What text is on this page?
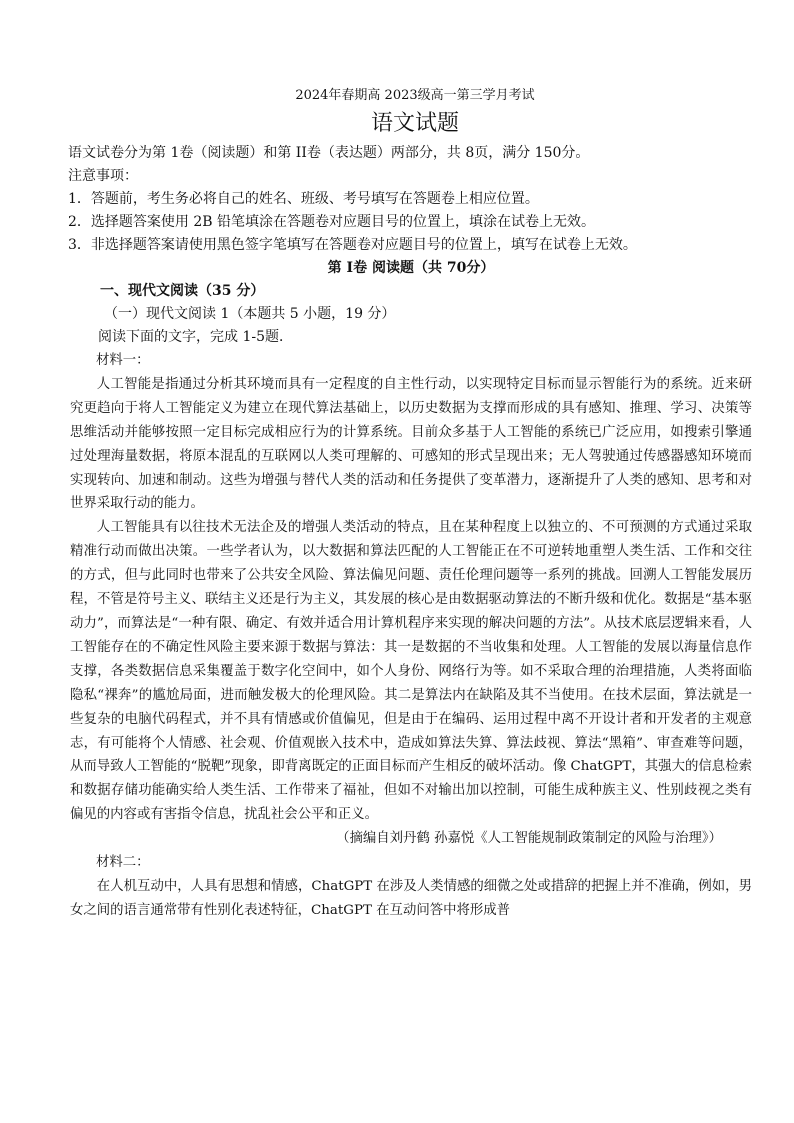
2024年春期高 2023级高一第三学月考试
语文试题
语文试卷分为第 1卷（阅读题）和第 II卷（表达题）两部分，共 8页，满分 150分。
注意事项：
1．答题前，考生务必将自己的姓名、班级、考号填写在答题卷上相应位置。
2．选择题答案使用 2B 铅笔填涂在答题卷对应题目号的位置上，填涂在试卷上无效。
3．非选择题答案请使用黑色签字笔填写在答题卷对应题目号的位置上，填写在试卷上无效。
第 I卷 阅读题（共 70分）
一、现代文阅读（35 分）
（一）现代文阅读 1（本题共 5 小题，19 分）
阅读下面的文字，完成 1-5题．
材料一：

人工智能是指通过分析其环境而具有一定程度的自主性行动，以实现特定目标而显示智能行为的系统。近来研究更趋向于将人工智能定义为建立在现代算法基础上，以历史数据为支撑而形成的具有感知、推理、学习、决策等思维活动并能够按照一定目标完成相应行为的计算系统。目前众多基于人工智能的系统已广泛应用，如搜索引擎通过处理海量数据，将原本混乱的互联网以人类可理解的、可感知的形式呈现出来；无人驾驶通过传感器感知环境而实现转向、加速和制动。这些为增强与替代人类的活动和任务提供了变革潜力，逐渐提升了人类的感知、思考和对世界采取行动的能力。

人工智能具有以往技术无法企及的增强人类活动的特点，且在某种程度上以独立的、不可预测的方式通过采取精准行动而做出决策。一些学者认为，以大数据和算法匹配的人工智能正在不可逆转地重塑人类生活、工作和交往的方式，但与此同时也带来了公共安全风险、算法偏见问题、责任伦理问题等一系列的挑战。回溯人工智能发展历程，不管是符号主义、联结主义还是行为主义，其发展的核心是由数据驱动算法的不断升级和优化。数据是“基本驱动力”，而算法是“一种有限、确定、有效并适合用计算机程序来实现的解决问题的方法”。从技术底层逻辑来看，人工智能存在的不确定性风险主要来源于数据与算法：其一是数据的不当收集和处理。人工智能的发展以海量信息作支撑，各类数据信息采集覆盖于数字化空间中，如个人身份、网络行为等。如不采取合理的治理措施，人类将面临隐私“裸奔”的尴尬局面，进而触发极大的伦理风险。其二是算法内在缺陷及其不当使用。在技术层面，算法就是一些复杂的电脑代码程式，并不具有情感或价值偏见，但是由于在编码、运用过程中离不开设计者和开发者的主观意志，有可能将个人情感、社会观、价值观嵌入技术中，造成如算法失算、算法歧视、算法“黑箱”、审查难等问题，从而导致人工智能的“脱靶”现象，即背离既定的正面目标而产生相反的破坏活动。像 ChatGPT，其强大的信息检索和数据存储功能确实给人类生活、工作带来了福祉，但如不对输出加以控制，可能生成种族主义、性别歧视之类有偏见的内容或有害指令信息，扰乱社会公平和正义。

（摘编自刘丹鹤 孙嘉悦《人工智能规制政策制定的风险与治理》）
材料二：

在人机互动中，人具有思想和情感，ChatGPT 在涉及人类情感的细微之处或措辞的把握上并不准确，例如，男女之间的语言通常带有性别化表述特征，ChatGPT 在互动问答中将形成普
